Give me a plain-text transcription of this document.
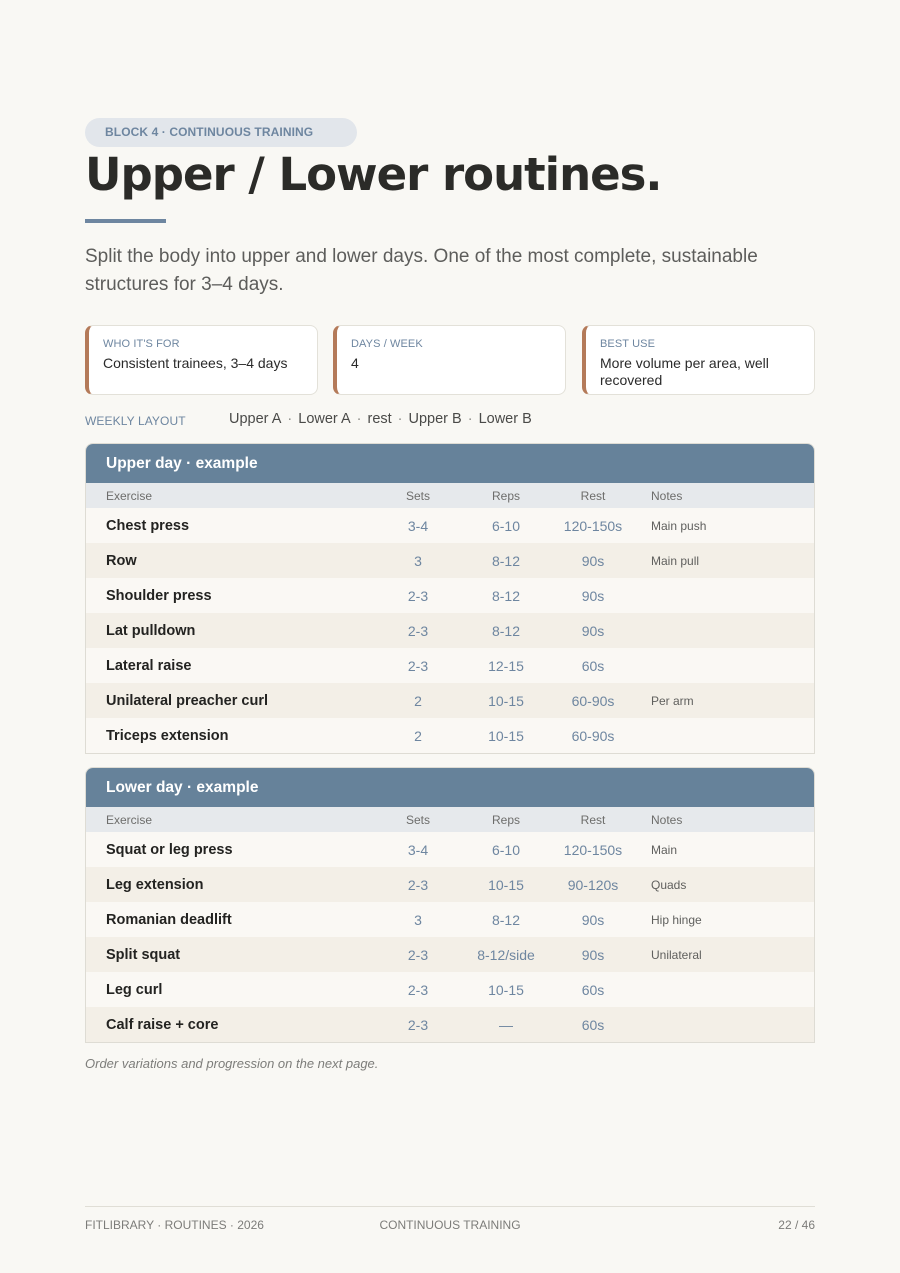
BLOCK 4 · CONTINUOUS TRAINING
Upper / Lower routines.

Split the body into upper and lower days. One of the most complete, sustainable structures for 3–4 days.

WHO IT'S FOR
Consistent trainees, 3–4 days
DAYS / WEEK
4
BEST USE
More volume per area, well recovered
WEEKLY LAYOUT	Upper A · Lower A · rest · Upper B · Lower B
Upper day · example
Exercise	Sets	Reps	Rest	Notes
Chest press	3-4	6-10	120-150s	Main push
Row	3	8-12	90s	Main pull
Shoulder press	2-3	8-12	90s
Lat pulldown	2-3	8-12	90s
Lateral raise	2-3	12-15	60s
Unilateral preacher curl	2	10-15	60-90s	Per arm
Triceps extension	2	10-15	60-90s
Lower day · example
Exercise	Sets	Reps	Rest	Notes
Squat or leg press	3-4	6-10	120-150s	Main
Leg extension	2-3	10-15	90-120s	Quads
Romanian deadlift	3	8-12	90s	Hip hinge
Split squat	2-3	8-12/side	90s	Unilateral
Leg curl	2-3	10-15	60s
Calf raise + core	2-3	—	60s

Order variations and progression on the next page.

FITLIBRARY · ROUTINES · 2026	CONTINUOUS TRAINING	22 / 46
